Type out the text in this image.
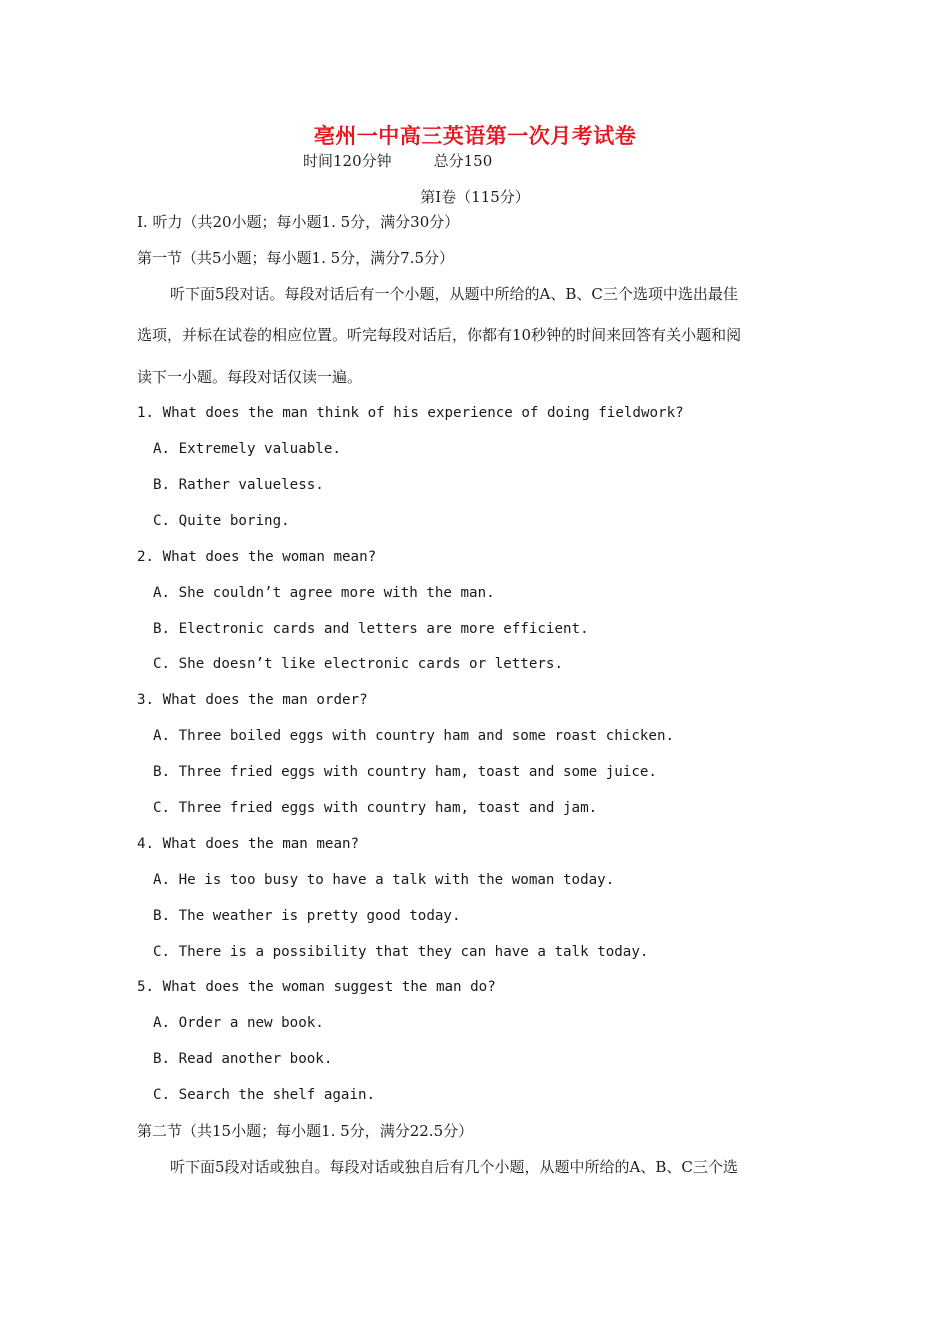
亳州一中高三英语第一次月考试卷
时间120分钟	总分150
第Ⅰ卷（115分）
I. 听力（共20小题；每小题1. 5分，满分30分）
第一节（共5小题；每小题1. 5分，满分7.5分）
听下面5段对话。每段对话后有一个小题，从题中所给的A、B、C三个选项中选出最佳
选项，并标在试卷的相应位置。听完每段对话后，你都有10秒钟的时间来回答有关小题和阅
读下一小题。每段对话仅读一遍。
1. What does the man think of his experience of doing fieldwork?
A. Extremely valuable.
B. Rather valueless.
C. Quite boring.
2. What does the woman mean?
A. She couldn’t agree more with the man.
B. Electronic cards and letters are more efficient.
C. She doesn’t like electronic cards or letters.
3. What does the man order?
A. Three boiled eggs with country ham and some roast chicken.
B. Three fried eggs with country ham, toast and some juice.
C. Three fried eggs with country ham, toast and jam.
4. What does the man mean?
A. He is too busy to have a talk with the woman today.
B. The weather is pretty good today.
C. There is a possibility that they can have a talk today.
5. What does the woman suggest the man do?
A. Order a new book.
B. Read another book.
C. Search the shelf again.
第二节（共15小题；每小题1. 5分，满分22.5分）
听下面5段对话或独自。每段对话或独自后有几个小题，从题中所给的A、B、C三个选
